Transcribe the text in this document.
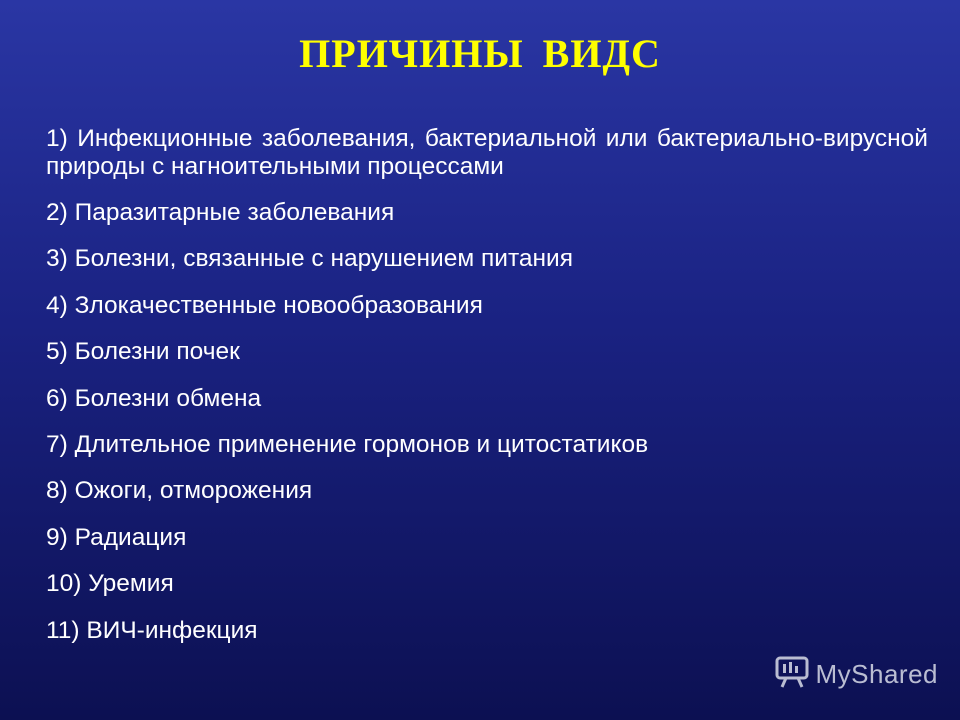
ПРИЧИНЫ ВИДС
1) Инфекционные заболевания, бактериальной или бактериально-вирусной природы с нагноительными процессами
2) Паразитарные заболевания
3) Болезни, связанные с нарушением питания
4) Злокачественные новообразования
5) Болезни почек
6) Болезни обмена
7) Длительное применение гормонов и цитостатиков
8) Ожоги, отморожения
9) Радиация
10) Уремия
11) ВИЧ-инфекция
MyShared
